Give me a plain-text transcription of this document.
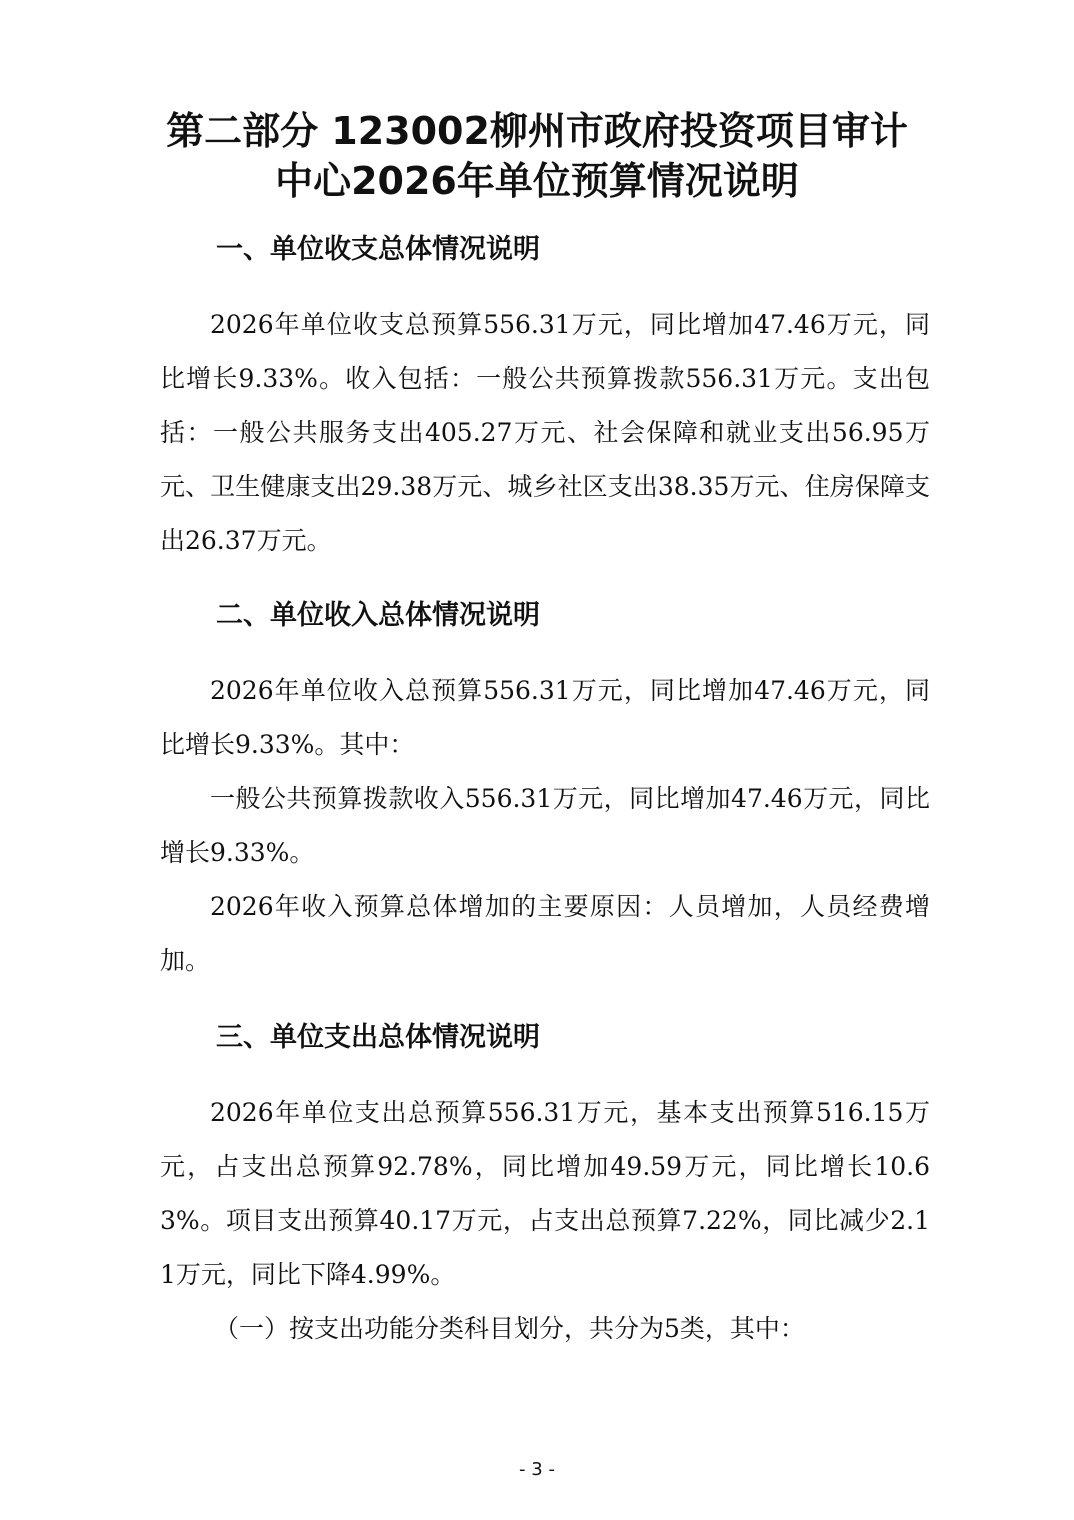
第二部分 123002柳州市政府投资项目审计
中心2026年单位预算情况说明
一、单位收支总体情况说明
2026年单位收支总预算556.31万元，同比增加47.46万元，同比增长9.33%。收入包括：一般公共预算拨款556.31万元。支出包括：一般公共服务支出405.27万元、社会保障和就业支出56.95万元、卫生健康支出29.38万元、城乡社区支出38.35万元、住房保障支出26.37万元。
二、单位收入总体情况说明
2026年单位收入总预算556.31万元，同比增加47.46万元，同比增长9.33%。其中：
一般公共预算拨款收入556.31万元，同比增加47.46万元，同比增长9.33%。
2026年收入预算总体增加的主要原因：人员增加，人员经费增加。
三、单位支出总体情况说明
2026年单位支出总预算556.31万元，基本支出预算516.15万元，占支出总预算92.78%，同比增加49.59万元，同比增长10.63%。项目支出预算40.17万元，占支出总预算7.22%，同比减少2.11万元，同比下降4.99%。
（一）按支出功能分类科目划分，共分为5类，其中：
- 3 -
